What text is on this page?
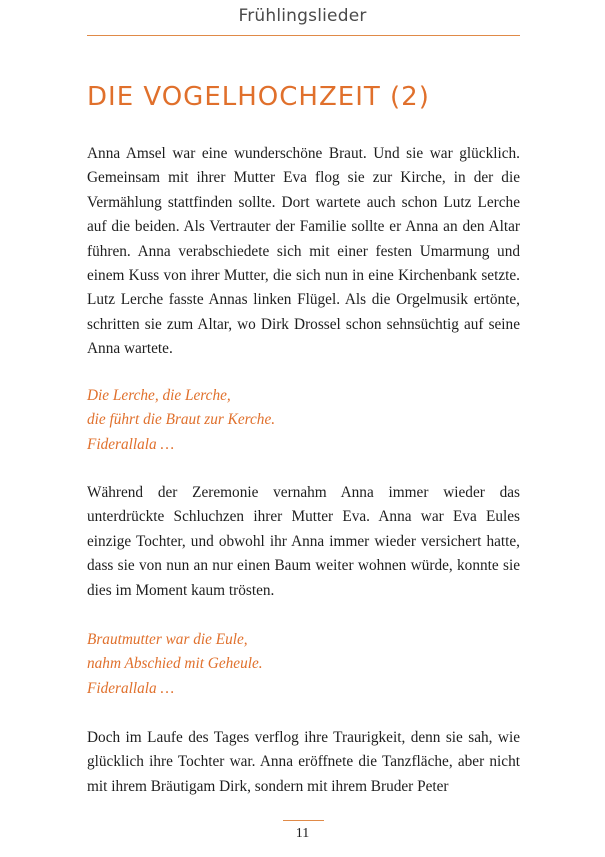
Frühlingslieder
DIE VOGELHOCHZEIT (2)

Anna Amsel war eine wunderschöne Braut. Und sie war glücklich. Gemeinsam mit ihrer Mutter Eva flog sie zur Kirche, in der die Vermählung stattfinden sollte. Dort wartete auch schon Lutz Lerche auf die beiden. Als Vertrauter der Familie sollte er Anna an den Altar führen. Anna verabschiedete sich mit einer festen Umarmung und einem Kuss von ihrer Mutter, die sich nun in eine Kirchenbank setzte. Lutz Lerche fasste Annas linken Flügel. Als die Orgelmusik ertönte, schritten sie zum Altar, wo Dirk Drossel schon sehnsüchtig auf seine Anna wartete.

Die Lerche, die Lerche,
die führt die Braut zur Kerche.
Fiderallala …

Während der Zeremonie vernahm Anna immer wieder das unterdrückte Schluchzen ihrer Mutter Eva. Anna war Eva Eules einzige Tochter, und obwohl ihr Anna immer wieder versichert hatte, dass sie von nun an nur einen Baum weiter wohnen würde, konnte sie dies im Moment kaum trösten.

Brautmutter war die Eule,
nahm Abschied mit Geheule.
Fiderallala …

Doch im Laufe des Tages verflog ihre Traurigkeit, denn sie sah, wie glücklich ihre Tochter war. Anna eröffnete die Tanzfläche, aber nicht mit ihrem Bräutigam Dirk, sondern mit ihrem Bruder Peter

11
